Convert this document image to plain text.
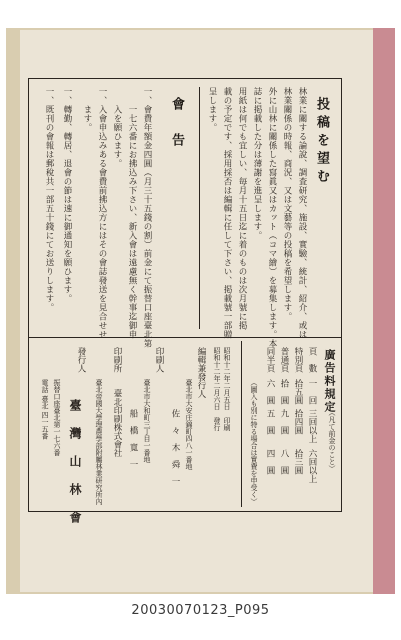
投稿を望む
林業に關する論說、調査研究、施設、實驗、統計、紹介、或は
林業關係の時報、商況、又は文藝等の投稿を希望します。
外に山林に關係した寫眞又はカット（コマ繪）を募集します。本
誌に掲載した分は薄謝を進呈します。
用紙は何でも宜しい、毎月十五日迄に着のものは次月號に掲
載の予定です、採用採否は編輯に任して下さい、掲載號一部贈
呈します。
會　告
一、會費年額金四圓（月三十五錢の割）前金にて振替口座臺北第
　　一七六番にお拂込み下さい、新入會は遠慮無く幹事迄御申
　　入を願ひます。
一、入會申込みある會費前拂込方にはその會誌發送を見合せせ
　　ます。
一、轉勤、轉居、退會の節は速に御通知を願ひます。
一、既刊の會報は郵稅共一部五十錢にてお送りします。
廣告料規定
（凡て前金のこと）
頁　數
一　回
三回以上
六回以上
特別頁
拾五圓
拾四圓
拾三圓
普通頁
拾　圓
九　圓
八　圓
同半頁
六　圓
五　圓
四　圓
（圖入も別に特る場合は實費を申受く）
昭和十二年二月五日　印刷
昭和十二年二月六日　發行
編輯兼發行人
臺北市大安庄錦町四八一番地
佐　々　木　舜　一
印刷人
臺北市大和町三丁目一番地
船　橋　寬　一
印刷所
臺北印刷株式會社
臺北帝國大學理農學部附屬林業研究所內
發行人
臺　灣　山　林　會
振替口座臺北第一七六番
電話 臺北 四一五番
20030070123_P095
